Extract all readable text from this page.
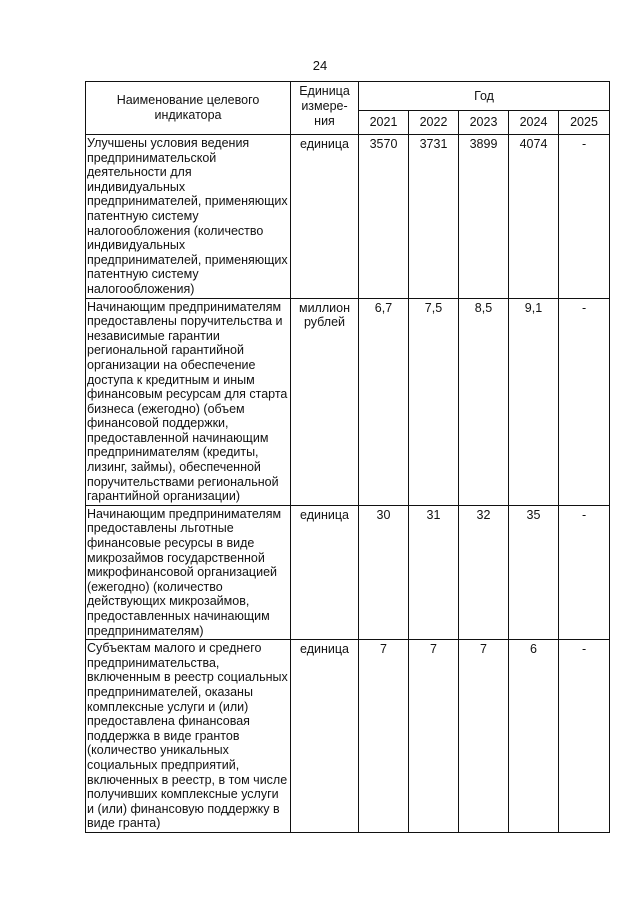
24
Наименование целевого индикатора	Единица измере-ния	Год				
		2021	2022	2023	2024	2025
Улучшены условия ведения предпринимательской деятельности для индивидуальных предпринимателей, применяющих патентную систему налогообложения (количество индивидуальных предпринимателей, применяющих патентную систему налогообложения)	единица	3570	3731	3899	4074	-
Начинающим предпринимателям предоставлены поручительства и независимые гарантии региональной гарантийной организации на обеспечение доступа к кредитным и иным финансовым ресурсам для старта бизнеса (ежегодно) (объем финансовой поддержки, предоставленной начинающим предпринимателям (кредиты, лизинг, займы), обеспеченной поручительствами региональной гарантийной организации)	миллион рублей	6,7	7,5	8,5	9,1	-
Начинающим предпринимателям предоставлены льготные финансовые ресурсы в виде микрозаймов государственной микрофинансовой организацией (ежегодно) (количество действующих микрозаймов, предоставленных начинающим предпринимателям)	единица	30	31	32	35	-
Субъектам малого и среднего предпринимательства, включенным в реестр социальных предпринимателей, оказаны комплексные услуги и (или) предоставлена финансовая поддержка в виде грантов (количество уникальных социальных предприятий, включенных в реестр, в том числе получивших комплексные услуги и (или) финансовую поддержку в виде гранта)	единица	7	7	7	6	-
